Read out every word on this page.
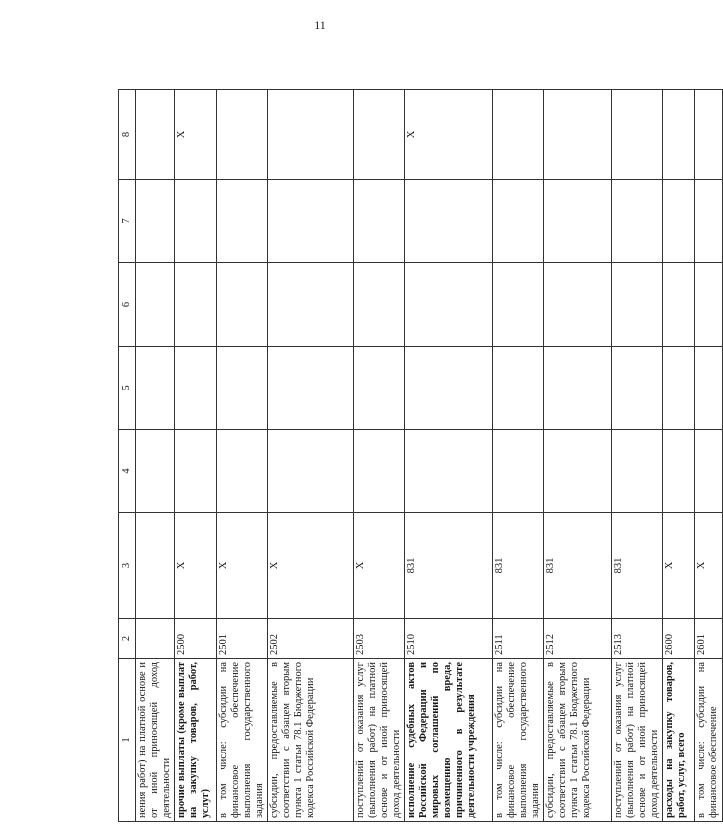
11
1	2	3	4	5	6	7	8
нения работ) на платной основе и от иной приносящей доход деятельности							
прочие выплаты (кроме выплат на закупку товаров, работ, услуг)	2500	X					X
в том числе: субсидии на финансовое обеспечение выполнения государственного задания	2501	X					
субсидии, предоставляемые в соответствии с абзацем вторым пункта 1 статьи 78.1 Бюджетного кодекса Российской Федерации	2502	X					
поступлений от оказания услуг (выполнения работ) на платной основе и от иной приносящей доход деятельности	2503	X					
исполнение судебных актов Российской Федерации и мировых соглашений по возмещению вреда, причиненного в результате деятельности учреждения	2510	831					X
в том числе: субсидии на финансовое обеспечение выполнения государственного задания	2511	831					
субсидии, предоставляемые в соответствии с абзацем вторым пункта 1 статьи 78.1 Бюджетного кодекса Российской Федерации	2512	831					
поступлений от оказания услуг (выполнения работ) на платной основе и от иной приносящей доход деятельности	2513	831					
расходы на закупку товаров, работ, услуг, всего	2600	X					
в том числе: субсидии на финансовое обеспечение	2601	X					
